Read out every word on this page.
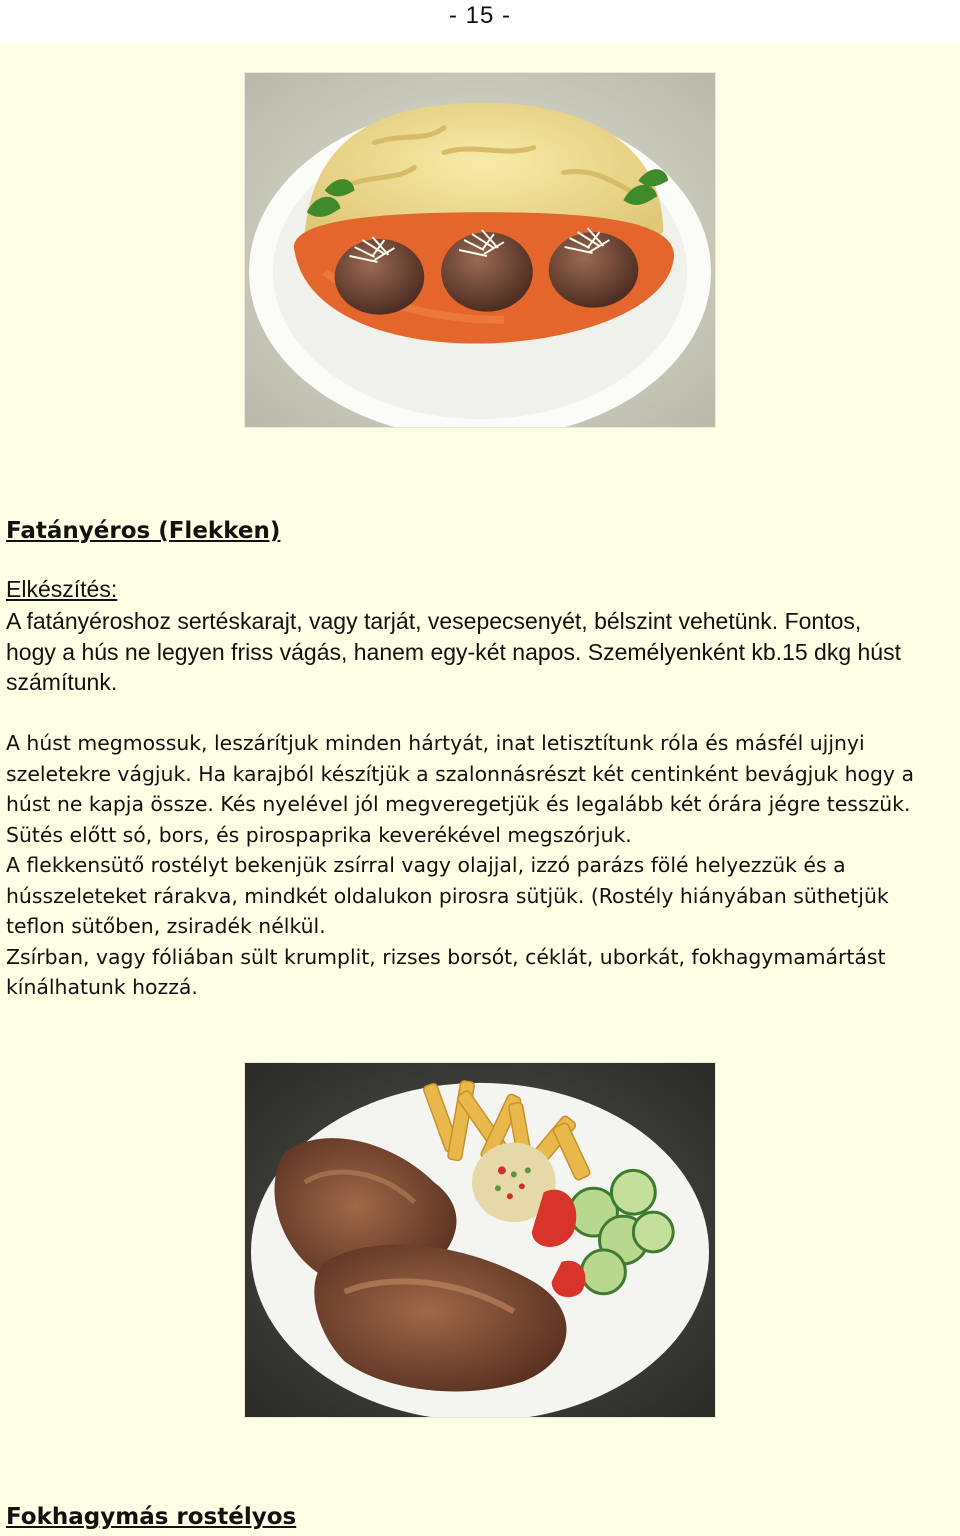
- 15 -
Fatányéros (Flekken)
Elkészítés:
A fatányéroshoz sertéskarajt, vagy tarját, vesepecsenyét, bélszint vehetünk. Fontos, hogy a hús ne legyen friss vágás, hanem egy-két napos. Személyenként kb.15 dkg húst számítunk.

A húst megmossuk, leszárítjuk minden hártyát, inat letisztítunk róla és másfél ujjnyi szeletekre vágjuk. Ha karajból készítjük a szalonnásrészt két centinként bevágjuk hogy a húst ne kapja össze. Kés nyelével jól megveregetjük és legalább két órára jégre tesszük. Sütés előtt só, bors, és pirospaprika keverékével megszórjuk.

A flekkensütő rostélyt bekenjük zsírral vagy olajjal, izzó parázs fölé helyezzük és a hússzeleteket rárakva, mindkét oldalukon pirosra sütjük. (Rostély hiányában süthetjük teflon sütőben, zsiradék nélkül.

Zsírban, vagy fóliában sült krumplit, rizses borsót, céklát, uborkát, fokhagymamártást kínálhatunk hozzá.

Fokhagymás rostélyos
